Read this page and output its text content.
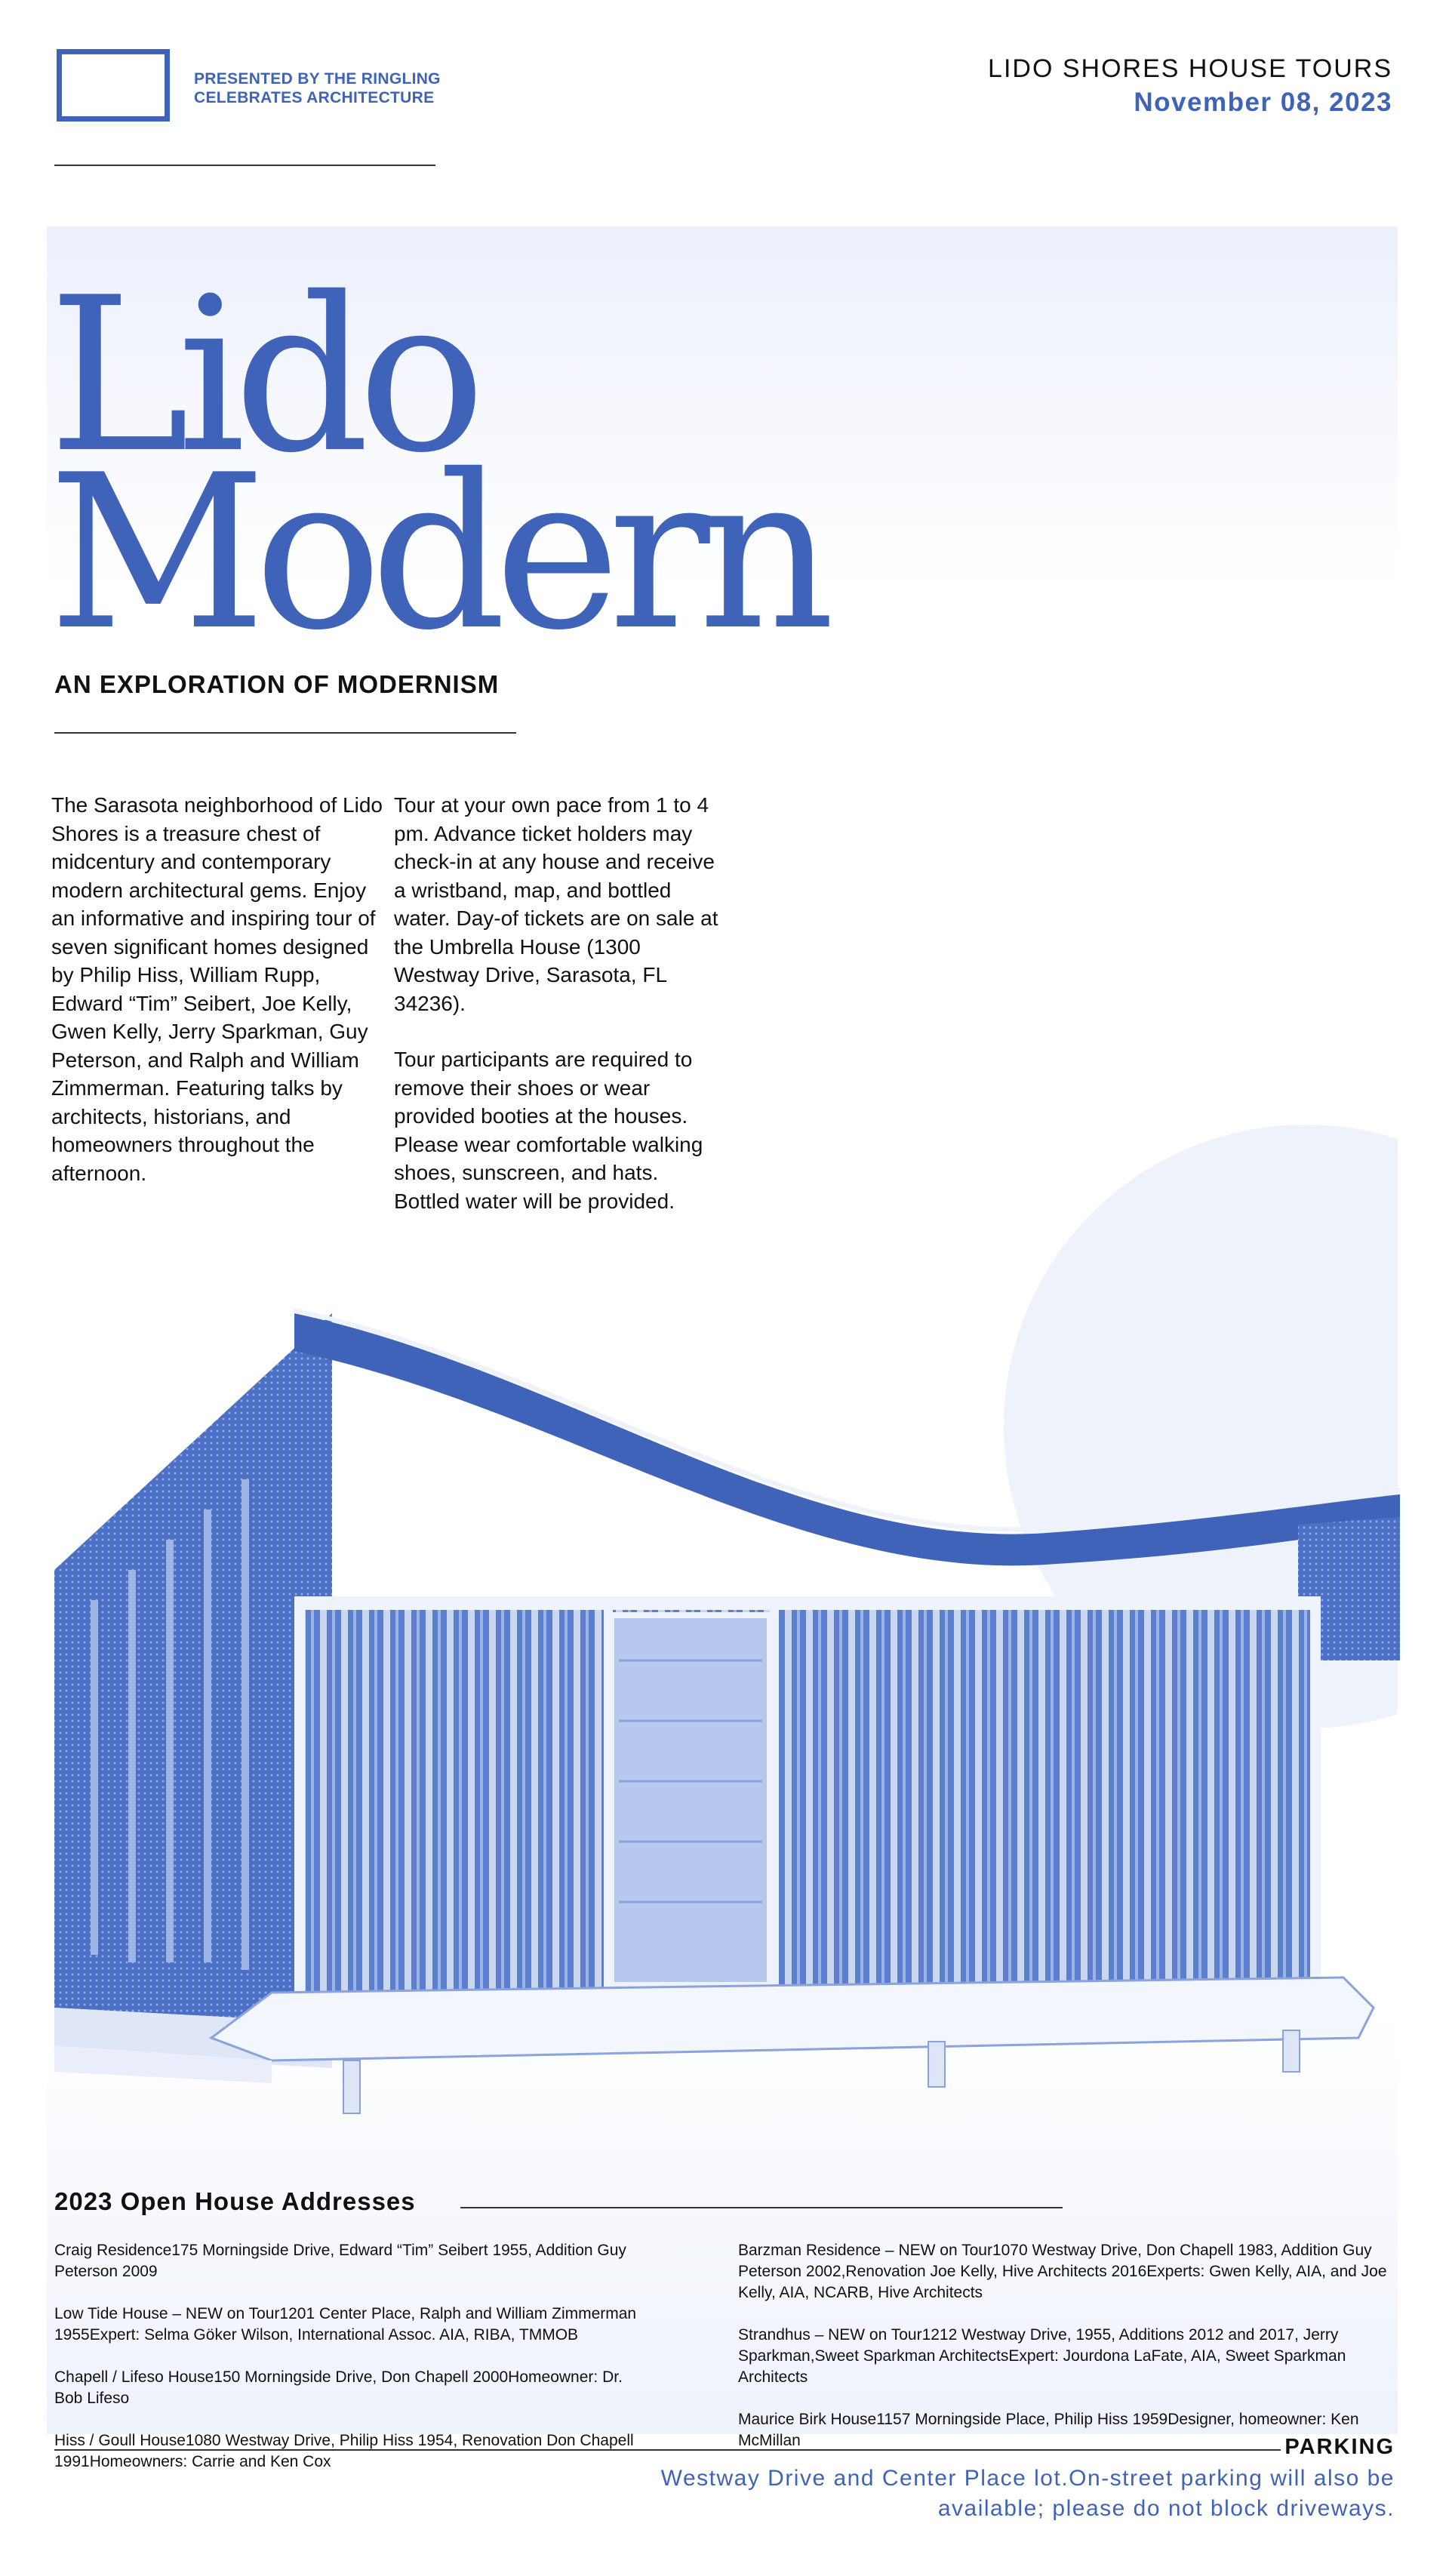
PRESENTED BY THE RINGLING
CELEBRATES ARCHITECTURE
LIDO SHORES HOUSE TOURS
November 08, 2023
Lido
Modern
AN EXPLORATION OF MODERNISM

The Sarasota neighborhood of Lido Shores is a treasure chest of midcentury and contemporary modern architectural gems. Enjoy an informative and inspiring tour of seven significant homes designed by Philip Hiss, William Rupp, Edward “Tim” Seibert, Joe Kelly, Gwen Kelly, Jerry Sparkman, Guy Peterson, and Ralph and William Zimmerman. Featuring talks by architects, historians, and homeowners throughout the afternoon.

Tour at your own pace from 1 to 4 pm. Advance ticket holders may check-in at any house and receive a wristband, map, and bottled water. Day-of tickets are on sale at the Umbrella House (1300 Westway Drive, Sarasota, FL 34236).

Tour participants are required to remove their shoes or wear provided booties at the houses. Please wear comfortable walking shoes, sunscreen, and hats. Bottled water will be provided.

2023 Open House Addresses
Craig Residence175 Morningside Drive, Edward “Tim” Seibert 1955, Addition Guy Peterson 2009
Low Tide House – NEW on Tour1201 Center Place, Ralph and William Zimmerman 1955Expert: Selma Göker Wilson, International Assoc. AIA, RIBA, TMMOB
Chapell / Lifeso House150 Morningside Drive, Don Chapell 2000Homeowner: Dr. Bob Lifeso
Hiss / Goull House1080 Westway Drive, Philip Hiss 1954, Renovation Don Chapell 1991Homeowners: Carrie and Ken Cox
Barzman Residence – NEW on Tour1070 Westway Drive, Don Chapell 1983, Addition Guy Peterson 2002,Renovation Joe Kelly, Hive Architects 2016Experts: Gwen Kelly, AIA, and Joe Kelly, AIA, NCARB, Hive Architects
Strandhus – NEW on Tour1212 Westway Drive, 1955, Additions 2012 and 2017, Jerry Sparkman,Sweet Sparkman ArchitectsExpert: Jourdona LaFate, AIA, Sweet Sparkman Architects
Maurice Birk House1157 Morningside Place, Philip Hiss 1959Designer, homeowner: Ken McMillan	PARKING
Westway Drive and Center Place lot.On-street parking will also be available; please do not block driveways.
